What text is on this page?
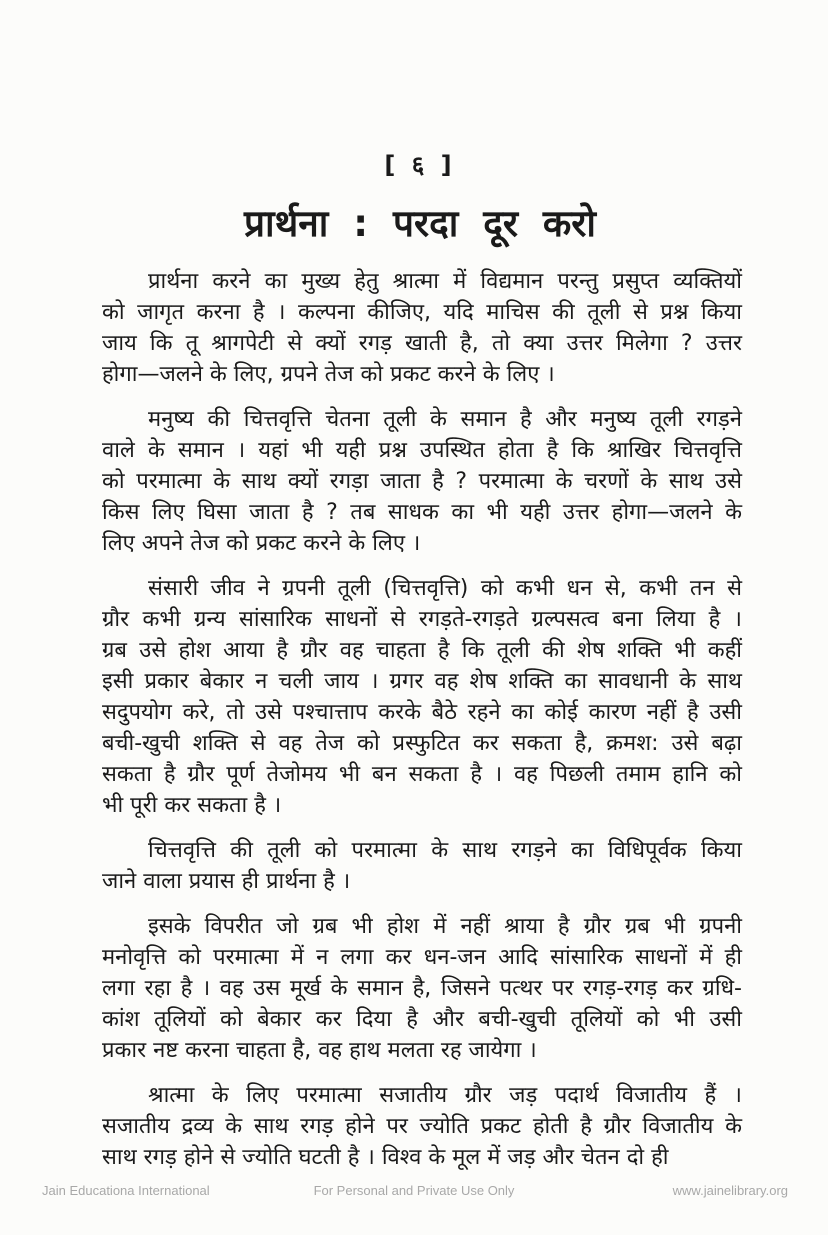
[ ६ ]
प्रार्थना : परदा दूर करो
प्रार्थना करने का मुख्य हेतु श्रात्मा में विद्यमान परन्तु प्रसुप्त व्यक्तियों
को जागृत करना है । कल्पना कीजिए, यदि माचिस की तूली से प्रश्न किया
जाय कि तू श्रागपेटी से क्यों रगड़ खाती है, तो क्या उत्तर मिलेगा ? उत्तर
होगा—जलने के लिए, ग्रपने तेज को प्रकट करने के लिए ।
मनुष्य की चित्तवृत्ति चेतना तूली के समान है और मनुष्य तूली रगड़ने
वाले के समान । यहां भी यही प्रश्न उपस्थित होता है कि श्राखिर चित्तवृत्ति
को परमात्मा के साथ क्यों रगड़ा जाता है ? परमात्मा के चरणों के साथ उसे
किस लिए घिसा जाता है ? तब साधक का भी यही उत्तर होगा—जलने के
लिए अपने तेज को प्रकट करने के लिए ।
संसारी जीव ने ग्रपनी तूली (चित्तवृत्ति) को कभी धन से, कभी तन से
ग्रौर कभी ग्रन्य सांसारिक साधनों से रगड़ते-रगड़ते ग्रल्पसत्व बना लिया है ।
ग्रब उसे होश आया है ग्रौर वह चाहता है कि तूली की शेष शक्ति भी कहीं
इसी प्रकार बेकार न चली जाय । ग्रगर वह शेष शक्ति का सावधानी के साथ
सदुपयोग करे, तो उसे पश्चात्ताप करके बैठे रहने का कोई कारण नहीं है उसी
बची-खुची शक्ति से वह तेज को प्रस्फुटित कर सकता है, क्रमश: उसे बढ़ा
सकता है ग्रौर पूर्ण तेजोमय भी बन सकता है । वह पिछली तमाम हानि को
भी पूरी कर सकता है ।
चित्तवृत्ति की तूली को परमात्मा के साथ रगड़ने का विधिपूर्वक किया
जाने वाला प्रयास ही प्रार्थना है ।
इसके विपरीत जो ग्रब भी होश में नहीं श्राया है ग्रौर ग्रब भी ग्रपनी
मनोवृत्ति को परमात्मा में न लगा कर धन-जन आदि सांसारिक साधनों में ही
लगा रहा है । वह उस मूर्ख के समान है, जिसने पत्थर पर रगड़-रगड़ कर ग्रधि-
कांश तूलियों को बेकार कर दिया है और बची-खुची तूलियों को भी उसी
प्रकार नष्ट करना चाहता है, वह हाथ मलता रह जायेगा ।
श्रात्मा के लिए परमात्मा सजातीय ग्रौर जड़ पदार्थ विजातीय हैं ।
सजातीय द्रव्य के साथ रगड़ होने पर ज्योति प्रकट होती है ग्रौर विजातीय के
साथ रगड़ होने से ज्योति घटती है । विश्व के मूल में जड़ और चेतन दो ही
Jain Educationa International	For Personal and Private Use Only	www.jainelibrary.org
